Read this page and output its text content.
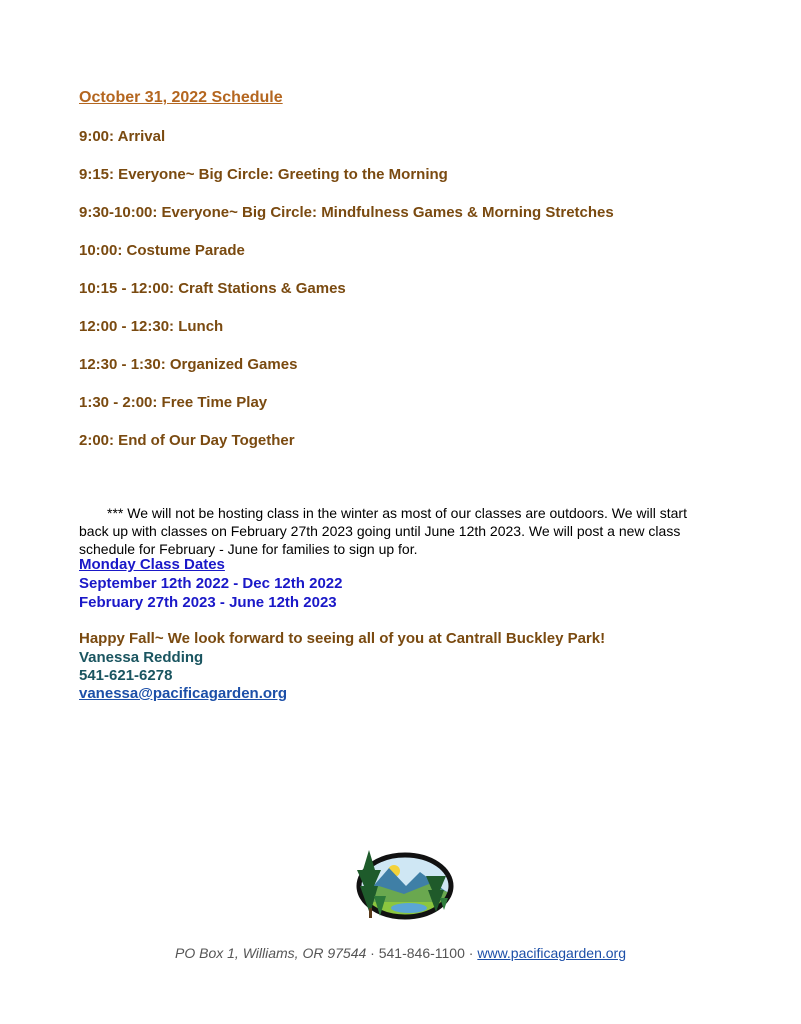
October 31, 2022 Schedule
9:00: Arrival
9:15: Everyone~ Big Circle: Greeting to the Morning
9:30-10:00: Everyone~ Big Circle: Mindfulness Games & Morning Stretches
10:00: Costume Parade
10:15 - 12:00: Craft Stations & Games
12:00 - 12:30: Lunch
12:30 - 1:30: Organized Games
1:30 - 2:00: Free Time Play
2:00: End of Our Day Together
*** We will not be hosting class in the winter as most of our classes are outdoors. We will start back up with classes on February 27th 2023 going until June 12th 2023. We will post a new class schedule for February - June for families to sign up for.
Monday Class Dates
September 12th 2022 - Dec 12th 2022
February 27th 2023 - June 12th 2023
Happy Fall~ We look forward to seeing all of you at Cantrall Buckley Park!
Vanessa Redding
541-621-6278
vanessa@pacificagarden.org
PO Box 1, Williams, OR 97544 · 541-846-1100 · www.pacificagarden.org
